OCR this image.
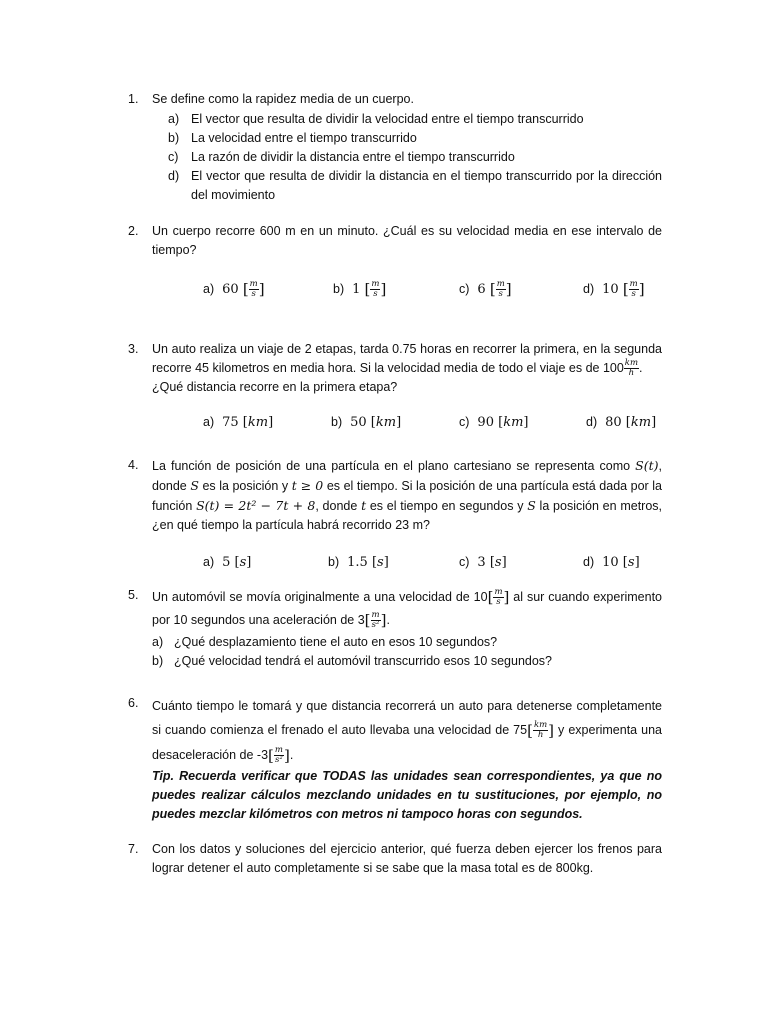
1.	Se define como la rapidez media de un cuerpo.
a) El vector que resulta de dividir la velocidad entre el tiempo transcurrido
b) La velocidad entre el tiempo transcurrido
c) La razón de dividir la distancia entre el tiempo transcurrido
d) El vector que resulta de dividir la distancia en el tiempo transcurrido por la dirección del movimiento
2.	Un cuerpo recorre 600 m en un minuto. ¿Cuál es su velocidad media en ese intervalo de tiempo?
a) 60 [ $\frac{m}{s}$ ]	b) 1 [ $\frac{m}{s}$ ]	c) 6 [ $\frac{m}{s}$ ]	d) 10 [ $\frac{m}{s}$ ]
3.	Un auto realiza un viaje de 2 etapas, tarda 0.75 horas en recorrer la primera, en la segunda recorre 45 kilometros en media hora. Si la velocidad media de todo el viaje es de $100 \frac{km}{h}$ .
¿Qué distancia recorre en la primera etapa?
a) 75 [km]	b) 50 [km]	c) 90 [km]	d) 80 [km]
4.	La función de posición de una partícula en el plano cartesiano se representa como S(t), donde S es la posición y t ≥ 0 es el tiempo. Si la posición de una partícula está dada por la función S(t) = 2t² − 7t + 8, donde t es el tiempo en segundos y S la posición en metros, ¿en qué tiempo la partícula habrá recorrido 23 m?
a) 5 [s]	b) 1.5 [s]	c) 3 [s]	d) 10 [s]
5.	Un automóvil se movía originalmente a una velocidad de $10[ \frac{m}{s}$ ] al sur cuando experimento por 10 segundos una aceleración de $3[ \frac{m}{\text{s²}}$ ].
a) ¿Qué desplazamiento tiene el auto en esos 10 segundos?
b) ¿Qué velocidad tendrá el automóvil transcurrido esos 10 segundos?
6.	Cuánto tiempo le tomará y que distancia recorrerá un auto para detenerse completamente si cuando comienza el frenado el auto llevaba una velocidad de $75[ \frac{km}{h}$ ] y experimenta una desaceleración de $-3[ \frac{m}{\text{s²}}$ ].
Tip. Recuerda verificar que TODAS las unidades sean correspondientes, ya que no puedes realizar cálculos mezclando unidades en tu sustituciones, por ejemplo, no puedes mezclar kilómetros con metros ni tampoco horas con segundos.
7.	Con los datos y soluciones del ejercicio anterior, qué fuerza deben ejercer los frenos para lograr detener el auto completamente si se sabe que la masa total es de 800kg.
